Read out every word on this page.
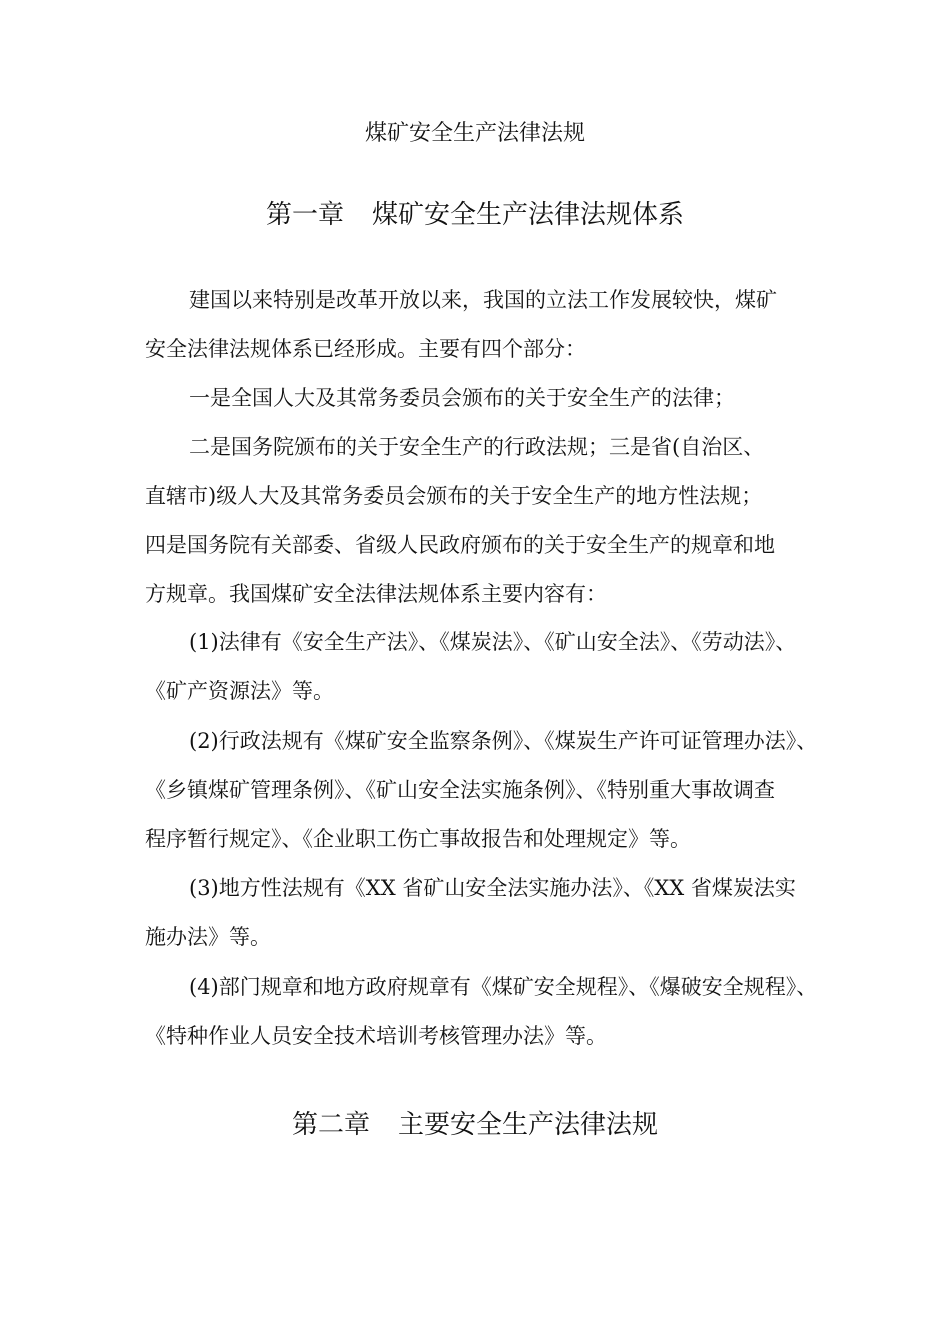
煤矿安全生产法律法规
第一章 煤矿安全生产法律法规体系

建国以来特别是改革开放以来，我国的立法工作发展较快，煤矿
安全法律法规体系已经形成。主要有四个部分：

一是全国人大及其常务委员会颁布的关于安全生产的法律；

二是国务院颁布的关于安全生产的行政法规；三是省(自治区、
直辖市)级人大及其常务委员会颁布的关于安全生产的地方性法规；
四是国务院有关部委、省级人民政府颁布的关于安全生产的规章和地
方规章。我国煤矿安全法律法规体系主要内容有：

(1)法律有《安全生产法》、《煤炭法》、《矿山安全法》、《劳动法》、
《矿产资源法》等。

(2)行政法规有《煤矿安全监察条例》、《煤炭生产许可证管理办法》、
《乡镇煤矿管理条例》、《矿山安全法实施条例》、《特别重大事故调查
程序暂行规定》、《企业职工伤亡事故报告和处理规定》等。

(3)地方性法规有《XX 省矿山安全法实施办法》、《XX 省煤炭法实
施办法》等。

(4)部门规章和地方政府规章有《煤矿安全规程》、《爆破安全规程》、
《特种作业人员安全技术培训考核管理办法》等。

第二章 主要安全生产法律法规
